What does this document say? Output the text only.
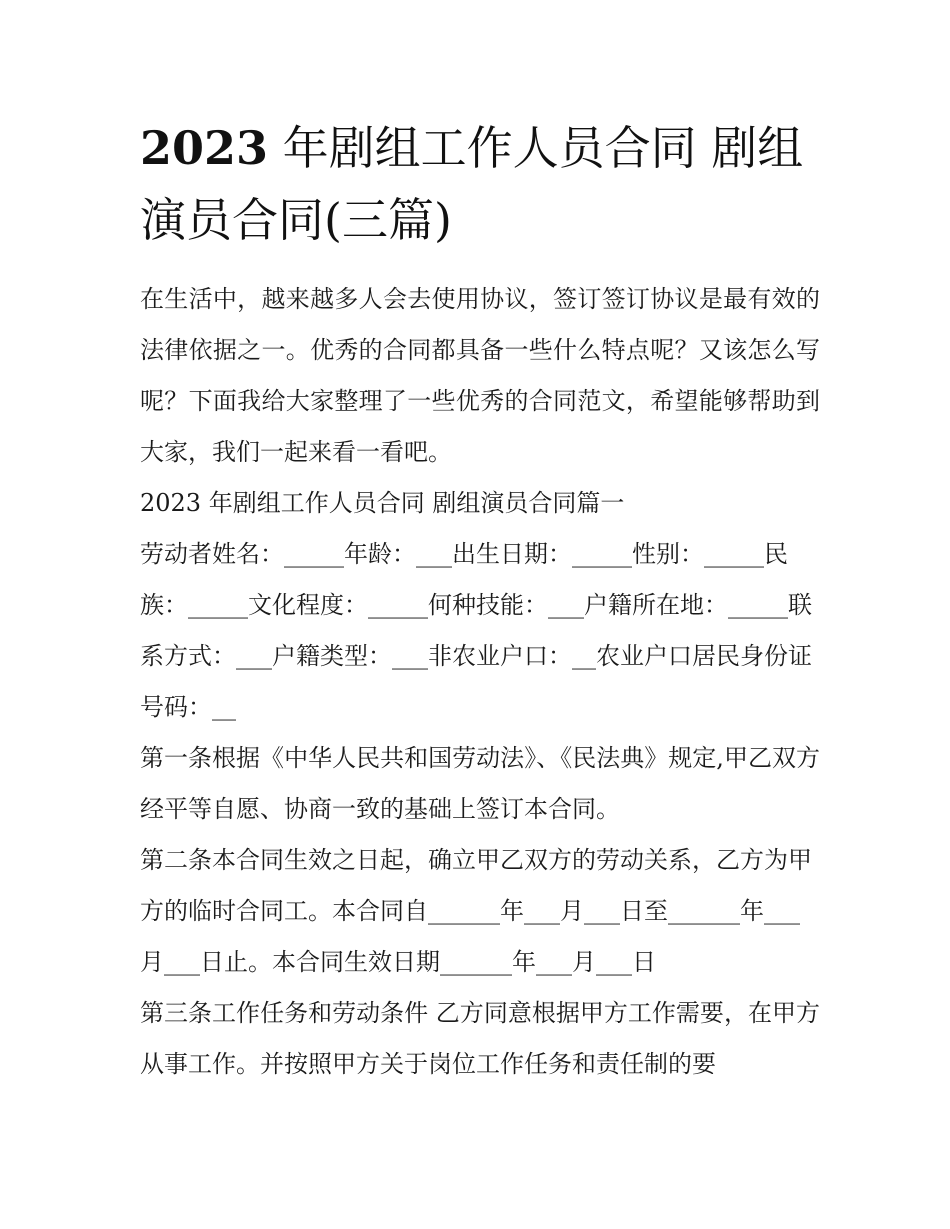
2023 年剧组工作人员合同 剧组演员合同(三篇)

在生活中，越来越多人会去使用协议，签订签订协议是最有效的法律依据之一。优秀的合同都具备一些什么特点呢？又该怎么写呢？下面我给大家整理了一些优秀的合同范文，希望能够帮助到大家，我们一起来看一看吧。

2023 年剧组工作人员合同 剧组演员合同篇一

劳动者姓名：_____年龄：___出生日期：_____性别：_____民族：_____文化程度：_____何种技能：___户籍所在地：_____联系方式：___户籍类型：___非农业户口：__农业户口居民身份证号码：__

第一条根据《中华人民共和国劳动法》、《民法典》规定,甲乙双方经平等自愿、协商一致的基础上签订本合同。

第二条本合同生效之日起，确立甲乙双方的劳动关系，乙方为甲方的临时合同工。本合同自______年___月___日至______年___月___日止。本合同生效日期______年___月___日

第三条工作任务和劳动条件 乙方同意根据甲方工作需要，在甲方从事工作。并按照甲方关于岗位工作任务和责任制的要
